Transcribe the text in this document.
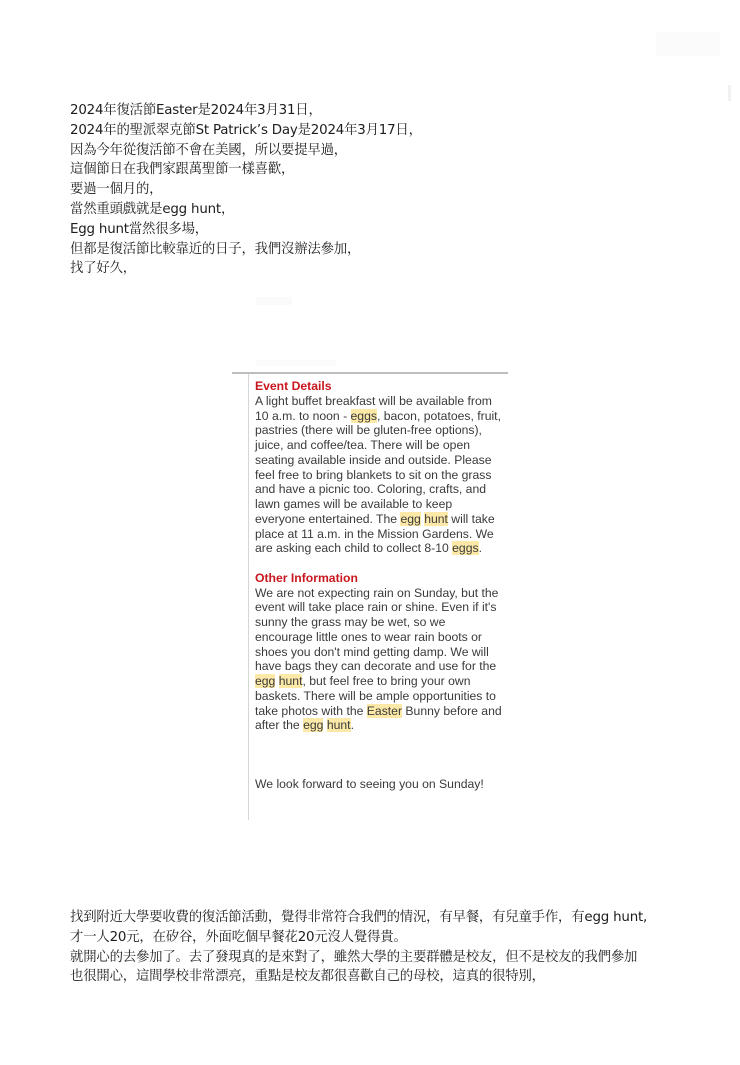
2024年復活節Easter是2024年3月31日，
2024年的聖派翠克節St Patrick’s Day是2024年3月17日，
因為今年從復活節不會在美國，所以要提早過，
這個節日在我們家跟萬聖節一樣喜歡，
要過一個月的，
當然重頭戲就是egg hunt，
Egg hunt當然很多場，
但都是復活節比較靠近的日子，我們沒辦法參加，
找了好久，
Event Details

A light buffet breakfast will be available from 10 a.m. to noon - eggs, bacon, potatoes, fruit, pastries (there will be gluten-free options), juice, and coffee/tea. There will be open seating available inside and outside. Please feel free to bring blankets to sit on the grass and have a picnic too. Coloring, crafts, and lawn games will be available to keep everyone entertained. The egg hunt will take place at 11 a.m. in the Mission Gardens. We are asking each child to collect 8-10 eggs.

Other Information

We are not expecting rain on Sunday, but the event will take place rain or shine. Even if it's sunny the grass may be wet, so we encourage little ones to wear rain boots or shoes you don't mind getting damp. We will have bags they can decorate and use for the egg hunt, but feel free to bring your own baskets. There will be ample opportunities to take photos with the Easter Bunny before and after the egg hunt.

We look forward to seeing you on Sunday!

找到附近大學要收費的復活節活動，覺得非常符合我們的情況，有早餐，有兒童手作，有egg hunt,
才一人20元，在矽谷，外面吃個早餐花20元沒人覺得貴。
就開心的去參加了。去了發現真的是來對了，雖然大學的主要群體是校友，但不是校友的我們參加
也很開心，這間學校非常漂亮，重點是校友都很喜歡自己的母校，這真的很特別，
